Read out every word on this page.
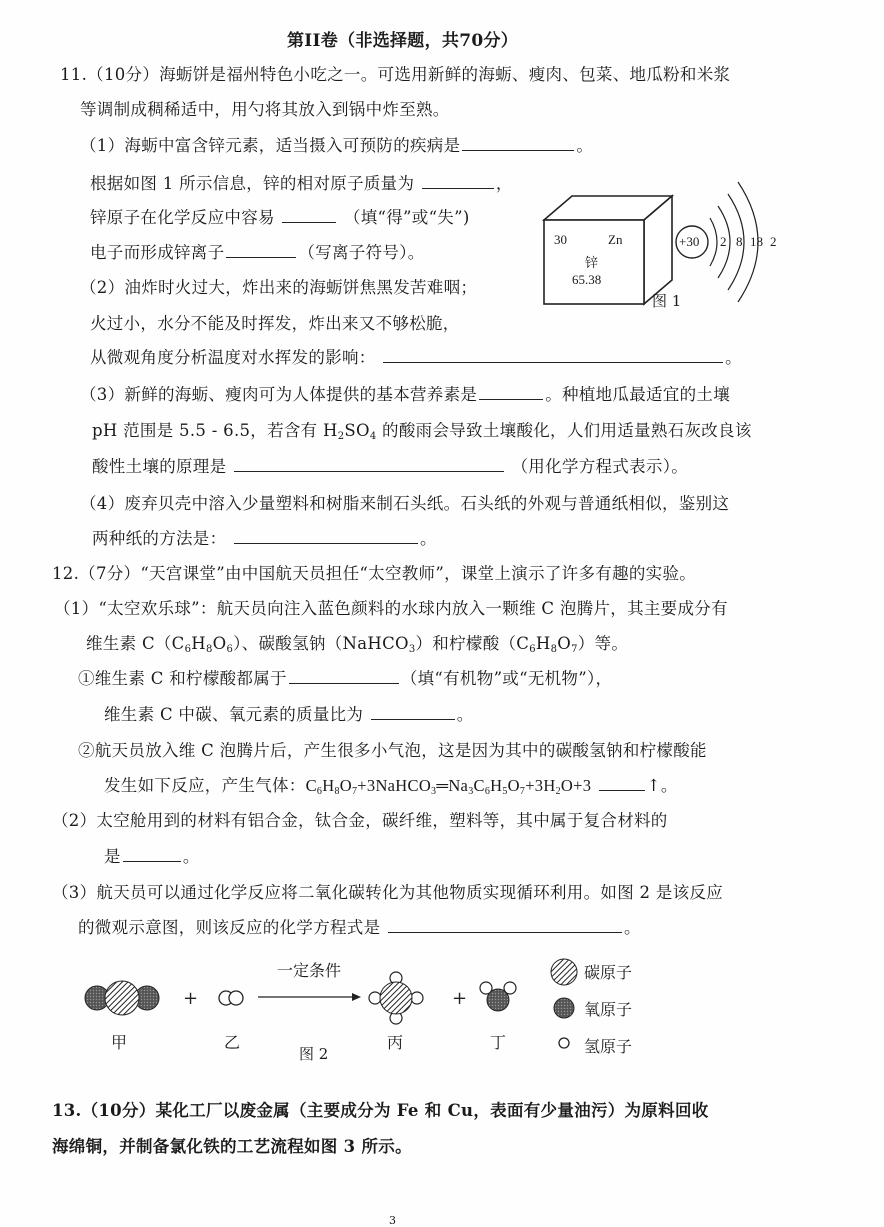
第II卷（非选择题，共70分）
11.（10分）海蛎饼是福州特色小吃之一。可选用新鲜的海蛎、瘦肉、包菜、地瓜粉和米浆
等调制成稠稀适中，用勺将其放入到锅中炸至熟。
（1）海蛎中富含锌元素，适当摄入可预防的疾病是	。
根据如图 1 所示信息，锌的相对原子质量为	，
锌原子在化学反应中容易	（填“得”或“失”)
电子而形成锌离子	（写离子符号）。
30	Zn
锌
65.38
图 1
+30 2 8 18 2
（2）油炸时火过大，炸出来的海蛎饼焦黑发苦难咽；
火过小，水分不能及时挥发，炸出来又不够松脆，
从微观角度分析温度对水挥发的影响：	。
（3）新鲜的海蛎、瘦肉可为人体提供的基本营养素是	。种植地瓜最适宜的土壤
pH 范围是 5.5 - 6.5，若含有 $H_2SO_4$ 的酸雨会导致土壤酸化，人们用适量熟石灰改良该
酸性土壤的原理是	（用化学方程式表示）。
（4）废弃贝壳中溶入少量塑料和树脂来制石头纸。石头纸的外观与普通纸相似，鉴别这
两种纸的方法是：	。
12.（7分）“天宫课堂”由中国航天员担任“太空教师”，课堂上演示了许多有趣的实验。
（1）“太空欢乐球”：航天员向注入蓝色颜料的水球内放入一颗维 C 泡腾片，其主要成分有
维生素 $C(C_6H_8O_6)$、碳酸氢钠（NaHCO$_3$）和柠檬酸$(C_6H_8O_7)$等。
①维生素 C 和柠檬酸都属于	（填“有机物”或“无机物”），
维生素 C 中碳、氧元素的质量比为	。
②航天员放入维 C 泡腾片后，产生很多小气泡，这是因为其中的碳酸氢钠和柠檬酸能
发生如下反应，产生气体：$C_6H_8O_7+3NaHCO_3═Na_3C_6H_5O_7+3H_2O+3$	↑。
（2）太空舱用到的材料有铝合金，钛合金，碳纤维，塑料等，其中属于复合材料的
是	。
（3）航天员可以通过化学反应将二氧化碳转化为其他物质实现循环利用。如图 2 是该反应
的微观示意图，则该反应的化学方程式是	。
+	+
一定条件
甲	乙	丙	丁
图 2
碳原子
氧原子
氢原子
13.（10分）某化工厂以废金属（主要成分为 Fe 和 Cu，表面有少量油污）为原料回收
海绵铜，并制备氯化铁的工艺流程如图 3 所示。
3
